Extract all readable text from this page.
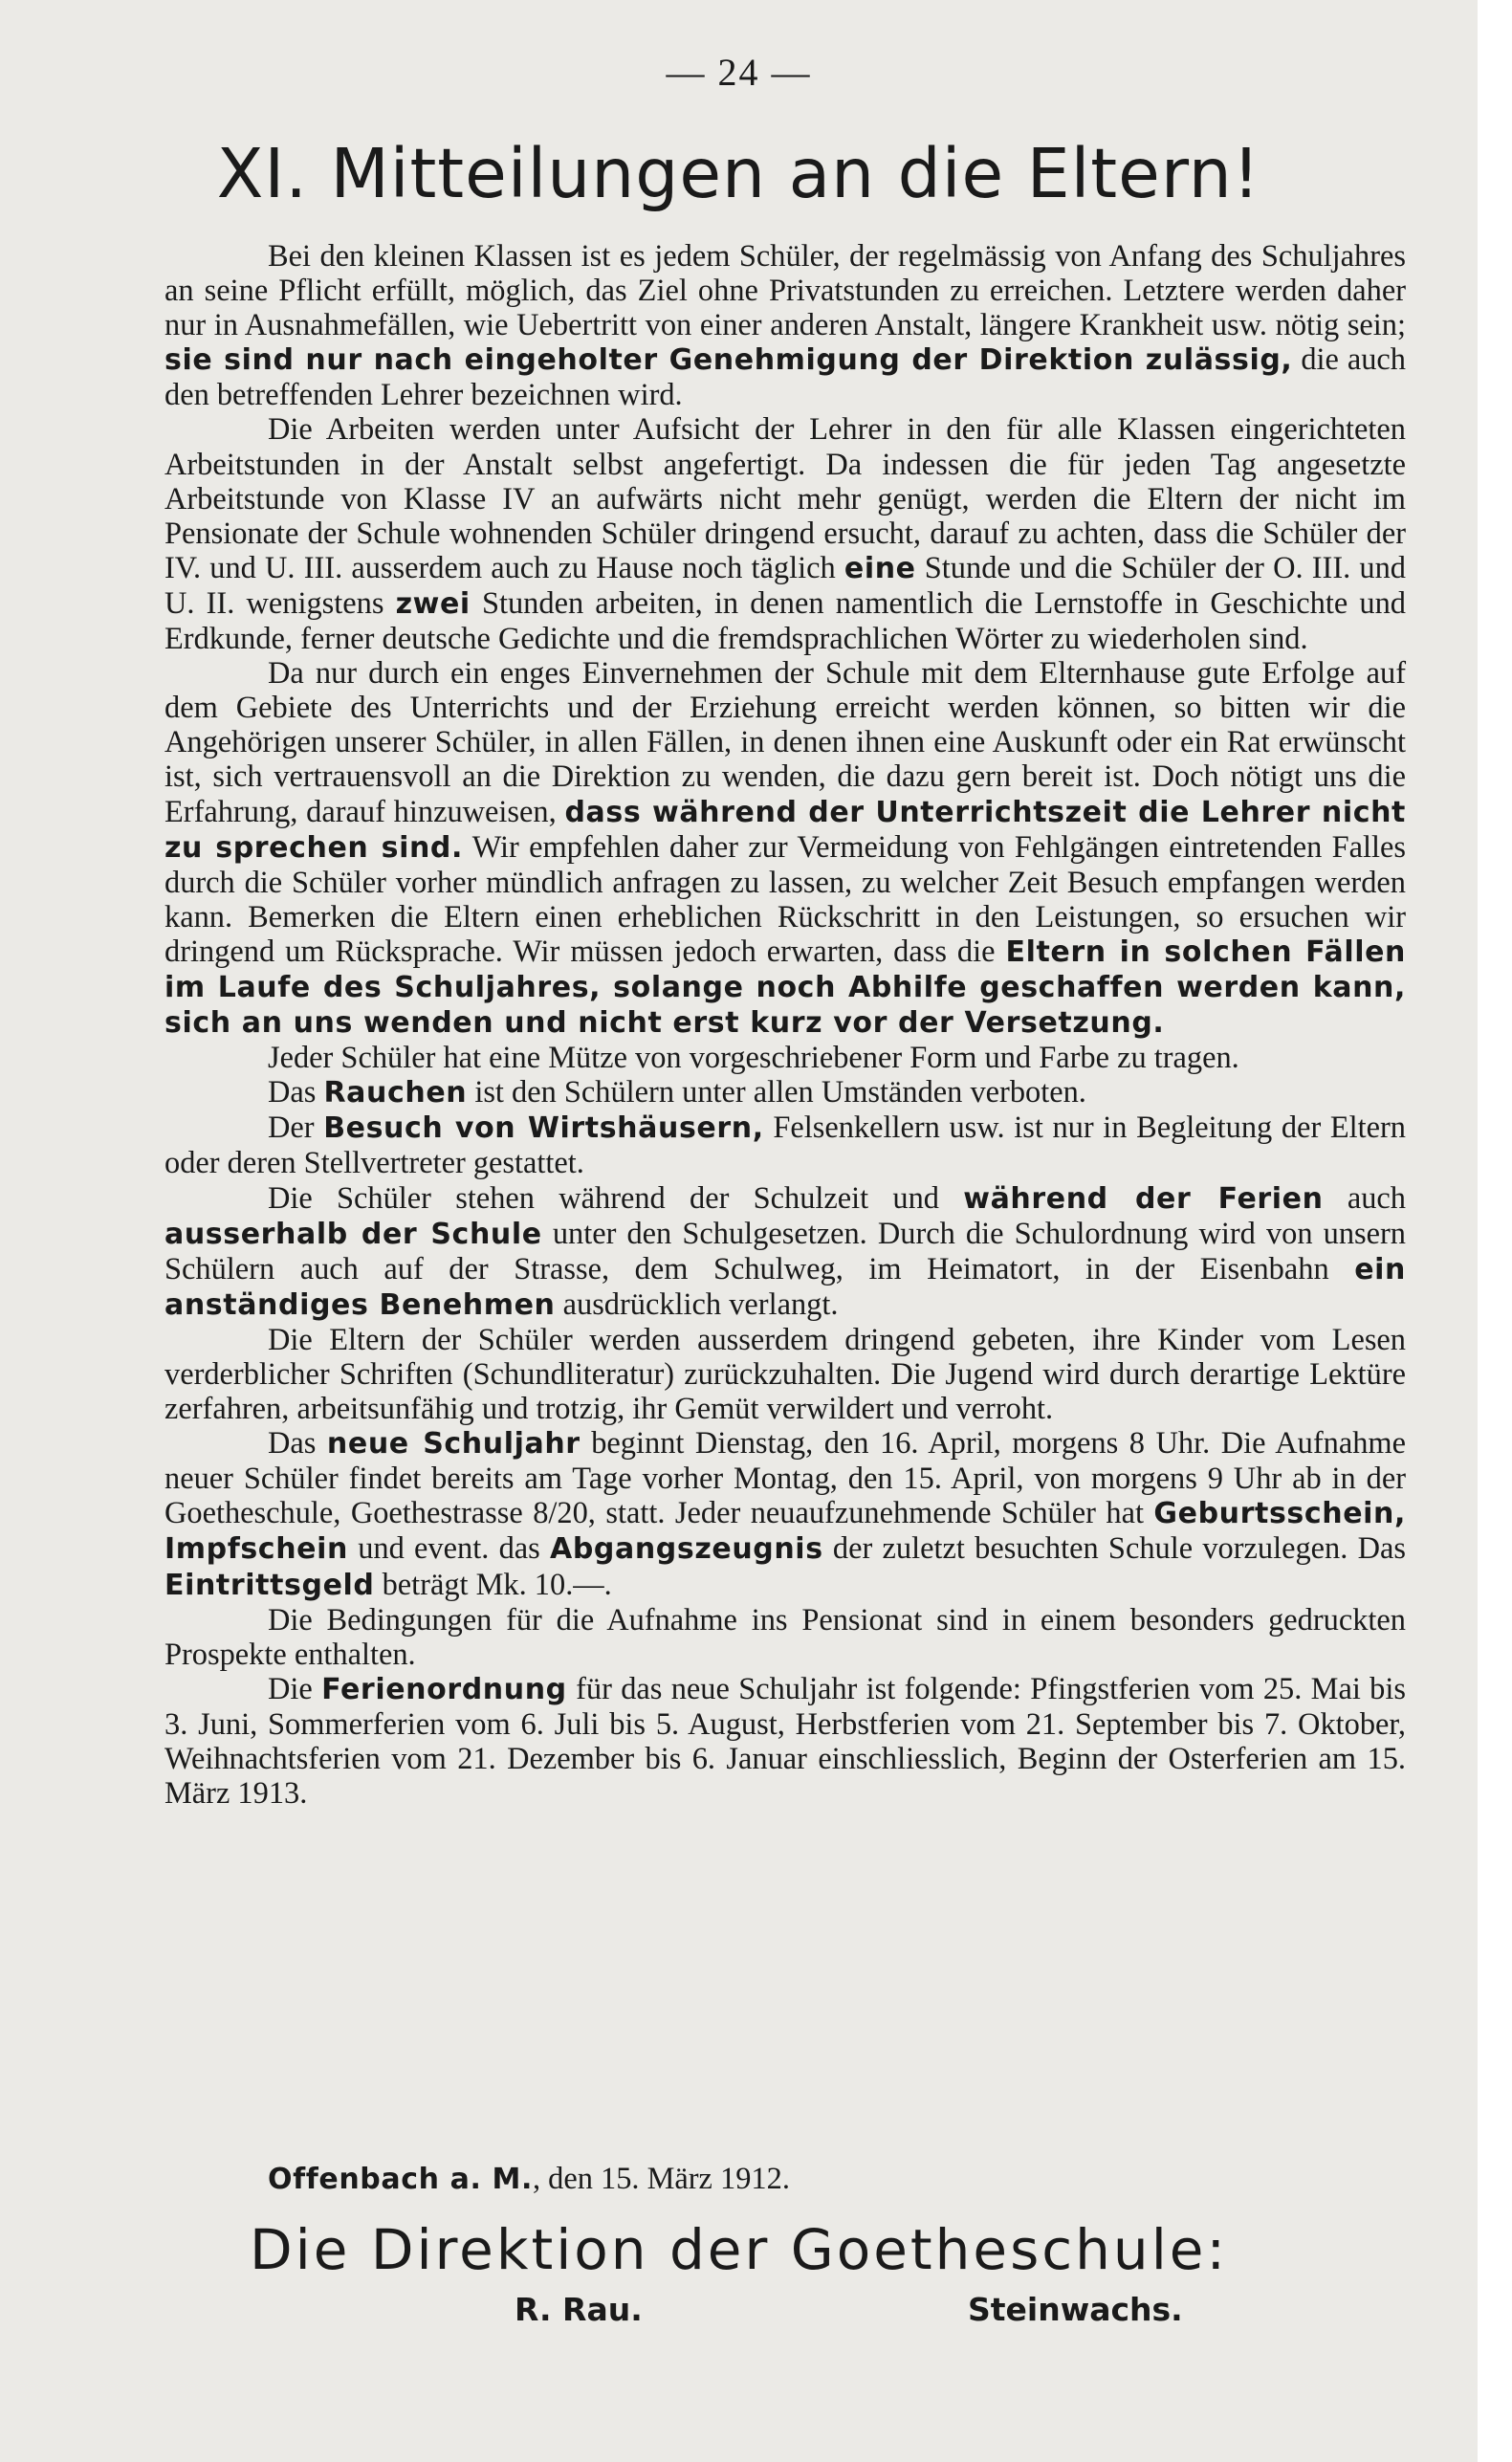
— 24 —
XI. Mitteilungen an die Eltern!

Bei den kleinen Klassen ist es jedem Schüler, der regelmässig von Anfang des Schuljahres an seine Pflicht erfüllt, möglich, das Ziel ohne Privatstunden zu erreichen. Letztere werden daher nur in Ausnahmefällen, wie Uebertritt von einer anderen Anstalt, längere Krankheit usw. nötig sein; sie sind nur nach eingeholter Genehmigung der Direktion zulässig, die auch den betreffenden Lehrer bezeichnen wird.

Die Arbeiten werden unter Aufsicht der Lehrer in den für alle Klassen eingerichteten Arbeitstunden in der Anstalt selbst angefertigt. Da indessen die für jeden Tag angesetzte Arbeitstunde von Klasse IV an aufwärts nicht mehr genügt, werden die Eltern der nicht im Pensionate der Schule wohnenden Schüler dringend ersucht, darauf zu achten, dass die Schüler der IV. und U. III. ausserdem auch zu Hause noch täglich eine Stunde und die Schüler der O. III. und U. II. wenigstens zwei Stunden arbeiten, in denen namentlich die Lernstoffe in Geschichte und Erdkunde, ferner deutsche Gedichte und die fremdsprachlichen Wörter zu wiederholen sind.

Da nur durch ein enges Einvernehmen der Schule mit dem Elternhause gute Erfolge auf dem Gebiete des Unterrichts und der Erziehung erreicht werden können, so bitten wir die Angehörigen unserer Schüler, in allen Fällen, in denen ihnen eine Auskunft oder ein Rat erwünscht ist, sich vertrauensvoll an die Direktion zu wenden, die dazu gern bereit ist. Doch nötigt uns die Erfahrung, darauf hinzuweisen, dass während der Unterrichtszeit die Lehrer nicht zu sprechen sind. Wir empfehlen daher zur Vermeidung von Fehlgängen eintretenden Falles durch die Schüler vorher mündlich anfragen zu lassen, zu welcher Zeit Besuch empfangen werden kann. Bemerken die Eltern einen erheblichen Rückschritt in den Leistungen, so ersuchen wir dringend um Rücksprache. Wir müssen jedoch erwarten, dass die Eltern in solchen Fällen im Laufe des Schuljahres, solange noch Abhilfe geschaffen werden kann, sich an uns wenden und nicht erst kurz vor der Versetzung.

Jeder Schüler hat eine Mütze von vorgeschriebener Form und Farbe zu tragen.

Das Rauchen ist den Schülern unter allen Umständen verboten.

Der Besuch von Wirtshäusern, Felsenkellern usw. ist nur in Begleitung der Eltern oder deren Stellvertreter gestattet.

Die Schüler stehen während der Schulzeit und während der Ferien auch ausserhalb der Schule unter den Schulgesetzen. Durch die Schulordnung wird von unsern Schülern auch auf der Strasse, dem Schulweg, im Heimatort, in der Eisenbahn ein anständiges Benehmen ausdrücklich verlangt.

Die Eltern der Schüler werden ausserdem dringend gebeten, ihre Kinder vom Lesen verderblicher Schriften (Schundliteratur) zurückzuhalten. Die Jugend wird durch derartige Lektüre zerfahren, arbeitsunfähig und trotzig, ihr Gemüt verwildert und verroht.

Das neue Schuljahr beginnt Dienstag, den 16. April, morgens 8 Uhr. Die Aufnahme neuer Schüler findet bereits am Tage vorher Montag, den 15. April, von morgens 9 Uhr ab in der Goetheschule, Goethestrasse 8/20, statt. Jeder neuaufzunehmende Schüler hat Geburtsschein, Impfschein und event. das Abgangszeugnis der zuletzt besuchten Schule vorzulegen. Das Eintrittsgeld beträgt Mk. 10.—.

Die Bedingungen für die Aufnahme ins Pensionat sind in einem besonders gedruckten Prospekte enthalten.

Die Ferienordnung für das neue Schuljahr ist folgende: Pfingstferien vom 25. Mai bis 3. Juni, Sommerferien vom 6. Juli bis 5. August, Herbstferien vom 21. September bis 7. Oktober, Weihnachtsferien vom 21. Dezember bis 6. Januar einschliesslich, Beginn der Osterferien am 15. März 1913.

Offenbach a. M., den 15. März 1912.
Die Direktion der Goetheschule:
R. Rau.	Steinwachs.
